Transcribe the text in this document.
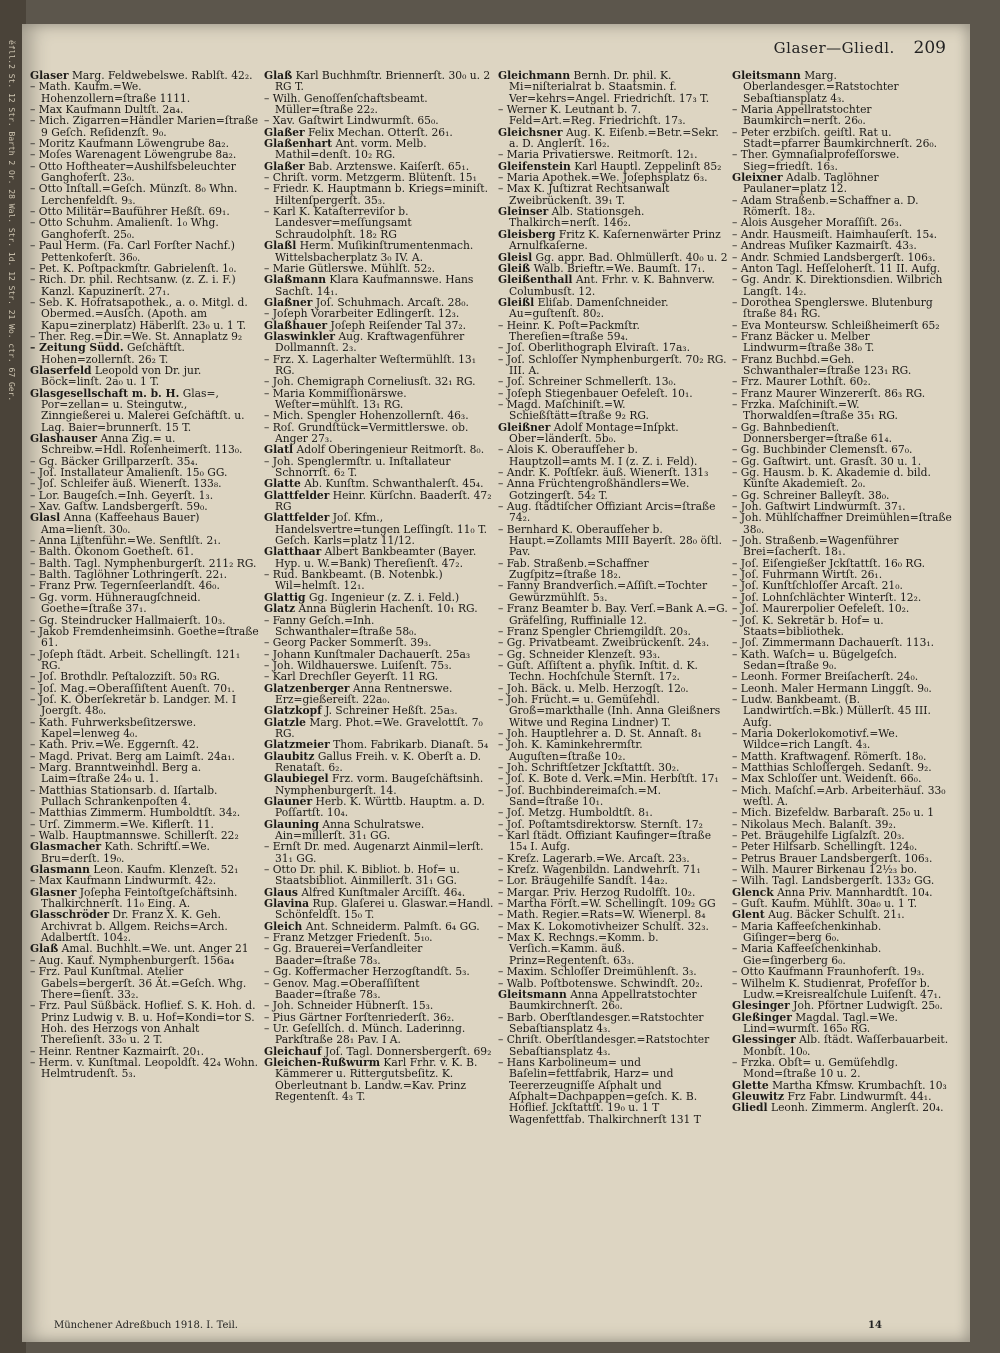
ĕfll.2 St. 12 Str. Barth 2 Or. 28 Wal. Str. 1d. 12 Str. 21 Wo. ctr. 67 Ger.	Glaser—Gliedl. 209

Glaser Marg. Feldwebelswe. Rablſt. 42₂.

– Math. Kaufm.=We. Hohenzollern=ſtraße 1111.

– Max Kaufmann Dultſt. 2a₄.

– Mich. Zigarren=Händler Marien=ſtraße 9 Geſch. Reſidenzſt. 9₀.

– Moritz Kaufmann Löwengrube 8a₂.

– Moſes Warenagent Löwengrube 8a₂.

– Otto Hoftheater=Aushilfsbeleuchter Ganghoferſt. 23₀.

– Otto Inſtall.=Geſch. Münzſt. 8₀ Whn. Lerchenfeldſt. 9₃.

– Otto Militär=Bauführer Heßſt. 69₁.

– Otto Schuhm. Amalienſt. 1₀ Whg. Ganghoferſt. 25₀.

– Paul Herm. (Fa. Carl Forſter Nachf.) Pettenkoferſt. 36₀.

– Pet. K. Poſtpackmſtr. Gabrielenſt. 1₀.

– Rich. Dr. phil. Rechtsanw. (z. Z. i. F.) Kanzl. Kapuzinerſt. 27₁.

– Seb. K. Hofratsapothek., a. o. Mitgl. d. Obermed.=Ausſch. (Apoth. am Kapu=zinerplatz) Häberlſt. 23₀ u. 1 T.

– Ther. Reg.=Dir.=We. St. Annaplatz 9₂

– Zeitung Südd. Geſchäftſt. Hohen=zollernſt. 26₂ T.

Glaserfeld Leopold von Dr. jur. Böck=linſt. 2a₀ u. 1 T.

Glasgesellschaft m. b. H. Glas=, Por=zellan= u. Steingutw., Zinngießerei u. Malerei Geſchäftſt. u. Lag. Baier=brunnerſt. 15 T.

Glashauser Anna Zig.= u. Schreibw.=Hdl. Roſenheimerſt. 113₀.

– Gg. Bäcker Grillparzerſt. 35₄.

– Joſ. Installateur Amalienſt. 15₀ GG.

– Joſ. Schleifer äuß. Wienerſt. 133₈.

– Lor. Baugeſch.=Inh. Geyerſt. 1₃.

– Xav. Gaſtw. Landsbergerſt. 59₀.

Glasl Anna (Kaffeehaus Bauer) Ama=lienſt. 30₀.

– Anna Liſtenführ.=We. Senftlſt. 2₁.

– Balth. Ökonom Goetheſt. 61.

– Balth. Tagl. Nymphenburgerſt. 211₂ RG.

– Balth. Taglöhner Lothringerſt. 22₁.

– Franz Prw. Tegernſeerlandſt. 46₀.

– Gg. vorm. Hühneraugſchneid. Goethe=ſtraße 37₁.

– Gg. Steindrucker Hallmaierſt. 10₃.

– Jakob Fremdenheimsinh. Goethe=ſtraße 61.

– Joſeph ſtädt. Arbeit. Schellingſt. 121₁ RG.

– Joſ. Brothdlr. Peſtalozziſt. 50₃ RG.

– Joſ. Mag.=Oberaſſiſtent Auenſt. 70₁.

– Joſ. K. Oberſekretär b. Landger. M. I Joergſt. 48₀.

– Kath. Fuhrwerksbeſitzerswe. Kapel=lenweg 4₀.

– Kath. Priv.=We. Eggernſt. 42.

– Magd. Privat. Berg am Laimſt. 24a₁.

– Marg. Branntweinhdl. Berg a. Laim=ſtraße 24₀ u. 1.

– Matthias Stationsarb. d. Iſartalb. Pullach Schrankenpoſten 4.

– Matthias Zimmerm. Humboldtſt. 34₂.

– Urſ. Zimmerm.=We. Kiflerſt. 11.

– Walb. Hauptmannswe. Schillerſt. 22₂

Glasmacher Kath. Schriftſ.=We. Bru=derſt. 19₀.

Glasmann Leon. Kaufm. Klenzeſt. 52₁

– Max Kaufmann Lindwurmſt. 42₂.

Glasner Joſepha Feintoſtgeſchäftsinh. Thalkirchnerſt. 11₀ Eing. A.

Glasschröder Dr. Franz X. K. Geh. Archivrat b. Allgem. Reichs=Arch. Adalbertſt. 104₂.

Glaß Amal. Buchhlt.=We. unt. Anger 21

– Aug. Kauf. Nymphenburgerſt. 156a₄

– Frz. Paul Kunſtmal. Atelier Gabels=bergerſt. 36 Ät.=Geſch. Whg. There=ſienſt. 33₂.

– Frz. Paul Süßbäck. Hoflief. S. K. Hoh. d. Prinz Ludwig v. B. u. Hof=Kondi=tor S. Hoh. des Herzogs von Anhalt Thereſienſt. 33₀ u. 2 T.

– Heinr. Rentner Kazmairſt. 20₁.

– Herm. v. Kunſtmal. Leopoldſt. 42₄ Wohn. Helmtrudenſt. 5₃.

Glaß Karl Buchhmſtr. Briennerſt. 30₀ u. 2 RG T.

– Wilh. Genoſſenſchaftsbeamt. Müller=ſtraße 22₂.

– Xav. Gaſtwirt Lindwurmſt. 65₀.

Glaßer Felix Mechan. Otterſt. 26₁.

Glaßenhart Ant. vorm. Melb. Mathil=denſt. 10₂ RG.

Glaßer Bab. Arztenswe. Kaiſerſt. 65₁.

– Chriſt. vorm. Metzgerm. Blütenſt. 15₁

– Friedr. K. Hauptmann b. Kriegs=miniſt. Hiltenſpergerſt. 35₃.

– Karl K. Kataſterreviſor b. Landesver=meſſungsamt Schraudolphſt. 18₂ RG

Glaßl Herm. Muſikinſtrumentenmach. Wittelsbacherplatz 3₀ IV. A.

– Marie Gütlerswe. Mühlſt. 52₂.

Glaßmann Klara Kaufmannswe. Hans Sachſt. 14₁.

Glaßner Joſ. Schuhmach. Arcaſt. 28₀.

– Joſeph Vorarbeiter Edlingerſt. 12₃.

Glaßhauer Joſeph Reiſender Tal 37₂.

Glaswinkler Aug. Kraftwagenführer Dollmannſt. 2₃.

– Frz. X. Lagerhalter Weſtermühlſt. 13₁ RG.

– Joh. Chemigraph Corneliusſt. 32₁ RG.

– Maria Kommiſſionärswe. Weſter=mühlſt. 13₁ RG.

– Mich. Spengler Hohenzollernſt. 46₃.

– Roſ. Grundſtück=Vermittlerswe. ob. Anger 27₃.

Glatl Adolf Oberingenieur Reitmorſt. 8₀.

– Joh. Spenglermſtr. u. Inſtallateur Schnorrſt. 6₂ T.

Glatte Ab. Kunſtm. Schwanthalerſt. 45₄.

Glattfelder Heinr. Kürſchn. Baaderſt. 47₂ RG

Glattfelder Joſ. Kfm., Handelsvertre=tungen Leſſingſt. 11₀ T. Geſch. Karls=platz 11/12.

Glatthaar Albert Bankbeamter (Bayer. Hyp. u. W.=Bank) Thereſienſt. 47₂.

– Rud. Bankbeamt. (B. Notenbk.) Wil=helmſt. 12₁.

Glattig Gg. Ingenieur (z. Z. i. Feld.)

Glatz Anna Büglerin Hachenſt. 10₁ RG.

– Fanny Geſch.=Inh. Schwanthaler=ſtraße 58₀.

– Georg Packer Sommerſt. 39₃.

– Johann Kunſtmaler Dachauerſt. 25a₃

– Joh. Wildhauerswe. Luiſenſt. 75₃.

– Karl Drechſler Geyerſt. 11 RG.

Glatzenberger Anna Rentnerswe. Erz=gießereiſt. 22a₀.

Glatzkopf J. Schreiner Heßſt. 25a₃.

Glatzle Marg. Phot.=We. Gravelottſt. 7₀ RG.

Glatzmeier Thom. Fabrikarb. Dianaſt. 5₄

Glaubitz Gallus Freih. v. K. Oberſt a. D. Renataſt. 6₂.

Glaubiegel Frz. vorm. Baugeſchäftsinh. Nymphenburgerſt. 14.

Glauner Herb. K. Württb. Hauptm. a. D. Poſſartſt. 10₄.

Glauning Anna Schulratswe. Ain=millerſt. 31₁ GG.

– Ernſt Dr. med. Augenarzt Ainmil=lerſt. 31₁ GG.

– Otto Dr. phil. K. Bibliot. b. Hof= u. Staatsbibliot. Ainmillerſt. 31₁ GG.

Glaus Alfred Kunſtmaler Arciſſt. 46₄.

Glavina Rup. Glaſerei u. Glaswar.=Handl. Schönfeldſt. 15₀ T.

Gleich Ant. Schneiderm. Palmſt. 6₄ GG.

– Franz Metzger Friedenſt. 5₁₀.

– Gg. Brauerei=Verſandleiter Baader=ſtraße 78₃.

– Gg. Koffermacher Herzogſtandſt. 5₃.

– Genov. Mag.=Oberaſſiſtent Baader=ſtraße 78₃.

– Joh. Schneider Hübnerſt. 15₃.

– Pius Gärtner Forſtenriederſt. 36₂.

– Ur. Geſellſch. d. Münch. Laderinng. Parkſtraße 28₁ Pav. I A.

Gleichauf Joſ. Tagl. Donnersbergerſt. 69₂

Gleichen-Rußwurm Karl Frhr. v. K. B. Kämmerer u. Rittergutsbeſitz. K. Oberleutnant b. Landw.=Kav. Prinz Regentenſt. 4₃ T.

Gleichmann Bernh. Dr. phil. K. Mi=niſterialrat b. Staatsmin. f. Ver=kehrs=Angel. Friedrichſt. 17₃ T.

– Werner K. Leutnant b. 7. Feld=Art.=Reg. Friedrichſt. 17₃.

Gleichsner Aug. K. Eiſenb.=Betr.=Sekr. a. D. Anglerſt. 16₂.

– Maria Privatierswe. Reitmorſt. 12₁.

Gleifenstein Karl Hauptl. Zeppelinſt 85₂

– Maria Apothek.=We. Joſephsplatz 6₃.

– Max K. Juſtizrat Rechtsanwalt Zweibrückenſt. 39₁ T.

Gleinser Alb. Stationsgeh. Thalkirch=nerſt. 146₂.

Gleisberg Fritz K. Kaſernenwärter Prinz Arnulfkaſerne.

Gleisl Gg. appr. Bad. Ohlmüllerſt. 40₀ u. 2

Gleiß Walb. Brieftr.=We. Baumſt. 17₁.

Gleißenthall Ant. Frhr. v. K. Bahnverw. Columbusſt. 12.

Gleißl Eliſab. Damenſchneider. Au=guſtenſt. 80₂.

– Heinr. K. Poſt=Packmſtr. Thereſien=ſtraße 59₄.

– Joſ. Oberlithograph Elviraſt. 17a₃.

– Joſ. Schloſſer Nymphenburgerſt. 70₂ RG. III. A.

– Joſ. Schreiner Schmellerſt. 13₀.

– Joſeph Stiegenbauer Oefeleſt. 10₁.

– Magd. Maſchiniſt.=W. Schießſtätt=ſtraße 9₂ RG.

Gleißner Adolf Montage=Inſpkt. Ober=länderſt. 5b₀.

– Alois K. Oberaufſeher b. Hauptzoll=amts M. I (z. Z. i. Feld).

– Andr. K. Poſtſekr. äuß. Wienerſt. 131₃

– Anna Früchtengroßhändlers=We. Gotzingerſt. 54₂ T.

– Aug. ſtädtiſcher Offiziant Arcis=ſtraße 74₂.

– Bernhard K. Oberaufſeher b. Haupt.=Zollamts MIII Bayerſt. 28₀ öſtl. Pav.

– Fab. Straßenb.=Schaffner Zugſpitz=ſtraße 18₂.

– Fanny Brandverſich.=Aſſiſt.=Tochter Gewürzmühlſt. 5₃.

– Franz Beamter b. Bay. Verſ.=Bank A.=G. Gräfelſing, Ruffinialle 12.

– Franz Spengler Chriemgildſt. 20₃.

– Gg. Privatbeamt. Zweibrückenſt. 24₃.

– Gg. Schneider Klenzeſt. 93₃.

– Guſt. Aſſiſtent a. phyſik. Inſtit. d. K. Techn. Hochſchule Sternſt. 17₂.

– Joh. Bäck. u. Melb. Herzogſt. 12₀.

– Joh. Frücht.= u. Gemüſehdl. Groß=markthalle (Inh. Anna Gleißners Witwe und Regina Lindner) T.

– Joh. Hauptlehrer a. D. St. Annaſt. 8₁

– Joh. K. Kaminkehrermſtr. Auguſten=ſtraße 10₂.

– Joh. Schriftſetzer Jckſtattſt. 30₂.

– Joſ. K. Bote d. Verk.=Min. Herbſtſt. 17₁

– Joſ. Buchbindereimaſch.=M. Sand=ſtraße 10₁.

– Joſ. Metzg. Humboldtſt. 8₁.

– Joſ. Poſtamtsdirektorsw. Sternſt. 17₂

– Karl ſtädt. Offiziant Kaufinger=ſtraße 15₄ I. Aufg.

– Kreſz. Lagerarb.=We. Arcaſt. 23₃.

– Kreſz. Wagenbildn. Landwehrſt. 71₁

– Lor. Bräugehilfe Sandſt. 14a₂.

– Margar. Priv. Herzog Rudolfſt. 10₂.

– Martha Förſt.=W. Schellingſt. 109₂ GG

– Math. Regier.=Rats=W. Wienerpl. 8₄

– Max K. Lokomotivheizer Schulſt. 32₃.

– Max K. Rechngs.=Komm. b. Verſich.=Kamm. äuß. Prinz=Regentenſt. 63₃.

– Maxim. Schloſſer Dreimühlenſt. 3₃.

– Walb. Poſtbotenswe. Schwindſt. 20₂.

Gleitsmann Anna Appellratstochter Baumkirchnerſt. 26₀.

– Barb. Oberſtlandesger.=Ratstochter Sebaſtiansplatz 4₃.

– Chriſt. Oberſtlandesger.=Ratstochter Sebaſtiansplatz 4₃.

– Hans Karbolineum= und Baſelin=fettfabrik, Harz= und Teererzeugniſſe Aſphalt und Aſphalt=Dachpappen=geſch. K. B. Hoflief. Jckſtattſt. 19₀ u. 1 T Wagenfettfab. Thalkirchnerſt 131 T

Gleitsmann Marg. Oberlandesger.=Ratstochter Sebaſtiansplatz 4₃.

– Maria Appellratstochter Baumkirch=nerſt. 26₀.

– Peter erzbiſch. geiſtl. Rat u. Stadt=pfarrer Baumkirchnerſt. 26₀.

– Ther. Gymnaſialprofeſſorswe. Sieg=friedſt. 16₃.

Gleixner Adalb. Taglöhner Paulaner=platz 12.

– Adam Straßenb.=Schaffner a. D. Römerſt. 18₂.

– Alois Ausgeher Moraſſiſt. 26₃.

– Andr. Hausmeiſt. Haimhauſerſt. 15₄.

– Andreas Muſiker Kazmairſt. 43₃.

– Andr. Schmied Landsbergerſt. 106₃.

– Anton Tagl. Heſſeloherſt. 11 II. Aufg.

– Gg. Andr. K. Direktionsdien. Wilbrich Langſt. 14₂.

– Dorothea Spenglerswe. Blutenburg ſtraße 84₁ RG.

– Eva Monteursw. Schleißheimerſt 65₂

– Franz Bäcker u. Melber Lindwurm=ſtraße 38₀ T.

– Franz Buchbd.=Geh. Schwanthaler=ſtraße 123₁ RG.

– Frz. Maurer Lothſt. 60₂.

– Franz Maurer Winzererſt. 86₃ RG.

– Frzka. Maſchiniſt.=W. Thorwaldſen=ſtraße 35₁ RG.

– Gg. Bahnbedienſt. Donnersberger=ſtraße 61₄.

– Gg. Buchbinder Clemensſt. 67₀.

– Gg. Gaſtwirt. unt. Grasſt. 30 u. 1.

– Gg. Hausm. b. K. Akademie d. bild. Künſte Akademieſt. 2₀.

– Gg. Schreiner Balleyſt. 38₀.

– Joh. Gaſtwirt Lindwurmſt. 37₁.

– Joh. Mühlſchaffner Dreimühlen=ſtraße 38₀.

– Joh. Straßenb.=Wagenführer Brei=ſacherſt. 18₁.

– Joſ. Eiſengießer Jckſtattſt. 16₀ RG.

– Joſ. Fuhrmann Wirtſt. 26₁.

– Joſ. Kunſtſchloſſer Arcaſt. 21₀.

– Joſ. Lohnſchlächter Winterſt. 12₂.

– Joſ. Maurerpolier Oefeleſt. 10₂.

– Joſ. K. Sekretär b. Hof= u. Staats=bibliothek.

– Joſ. Zimmermann Dachauerſt. 113₁.

– Kath. Waſch= u. Bügelgeſch. Sedan=ſtraße 9₀.

– Leonh. Former Breiſacherſt. 24₀.

– Leonh. Maler Hermann Linggſt. 9₀.

– Ludw. Bankbeamt. (B. Landwirtſch.=Bk.) Müllerſt. 45 III. Aufg.

– Maria Dokerlokomotivf.=We. Wildce=rich Langſt. 4₃.

– Matth. Kraftwagenf. Römerſt. 18₀.

– Matthias Schloſſergeh. Sedanſt. 9₂.

– Max Schloſſer unt. Weidenſt. 66₀.

– Mich. Maſchſ.=Arb. Arbeiterhäuſ. 33₀ weſtl. A.

– Mich. Bizefeldw. Barbaraſt. 25₀ u. 1

– Nikolaus Mech. Balanſt. 39₂.

– Pet. Bräugehilfe Ligſalzſt. 20₃.

– Peter Hilfsarb. Schellingſt. 124₀.

– Petrus Brauer Landsbergerſt. 106₃.

– Wilh. Maurer Birkenau 12½₃ bo.

– Wilh. Tagl. Landsbergerſt. 133₂ GG.

Glenck Anna Priv. Mannhardtſt. 10₄.

– Guſt. Kaufm. Mühlſt. 30a₀ u. 1 T.

Glent Aug. Bäcker Schulſt. 21₁.

– Maria Kaffeeſchenkinhab. Giſinger=berg 6₀.

– Maria Kaffeeſchenkinhab. Gie=ſingerberg 6₀.

– Otto Kaufmann Fraunhoferſt. 19₃.

– Wilhelm K. Studienrat, Profeſſor b. Ludw.=Kreisrealſchule Luiſenſt. 47₁.

Glesinger Joh. Pförtner Ludwigſt. 25₀.

Gleßinger Magdal. Tagl.=We. Lind=wurmſt. 165₀ RG.

Glessinger Alb. ſtädt. Waſſerbauarbeit. Monbſt. 10₀.

– Frzka. Obſt= u. Gemüſehdlg. Mond=ſtraße 10 u. 2.

Glette Martha Kfmsw. Krumbachſt. 10₃

Gleuwitz Frz Fabr. Lindwurmſt. 44₁.

Gliedl Leonh. Zimmerm. Anglerſt. 20₄.

Münchener Adreßbuch 1918. I. Teil.	14
